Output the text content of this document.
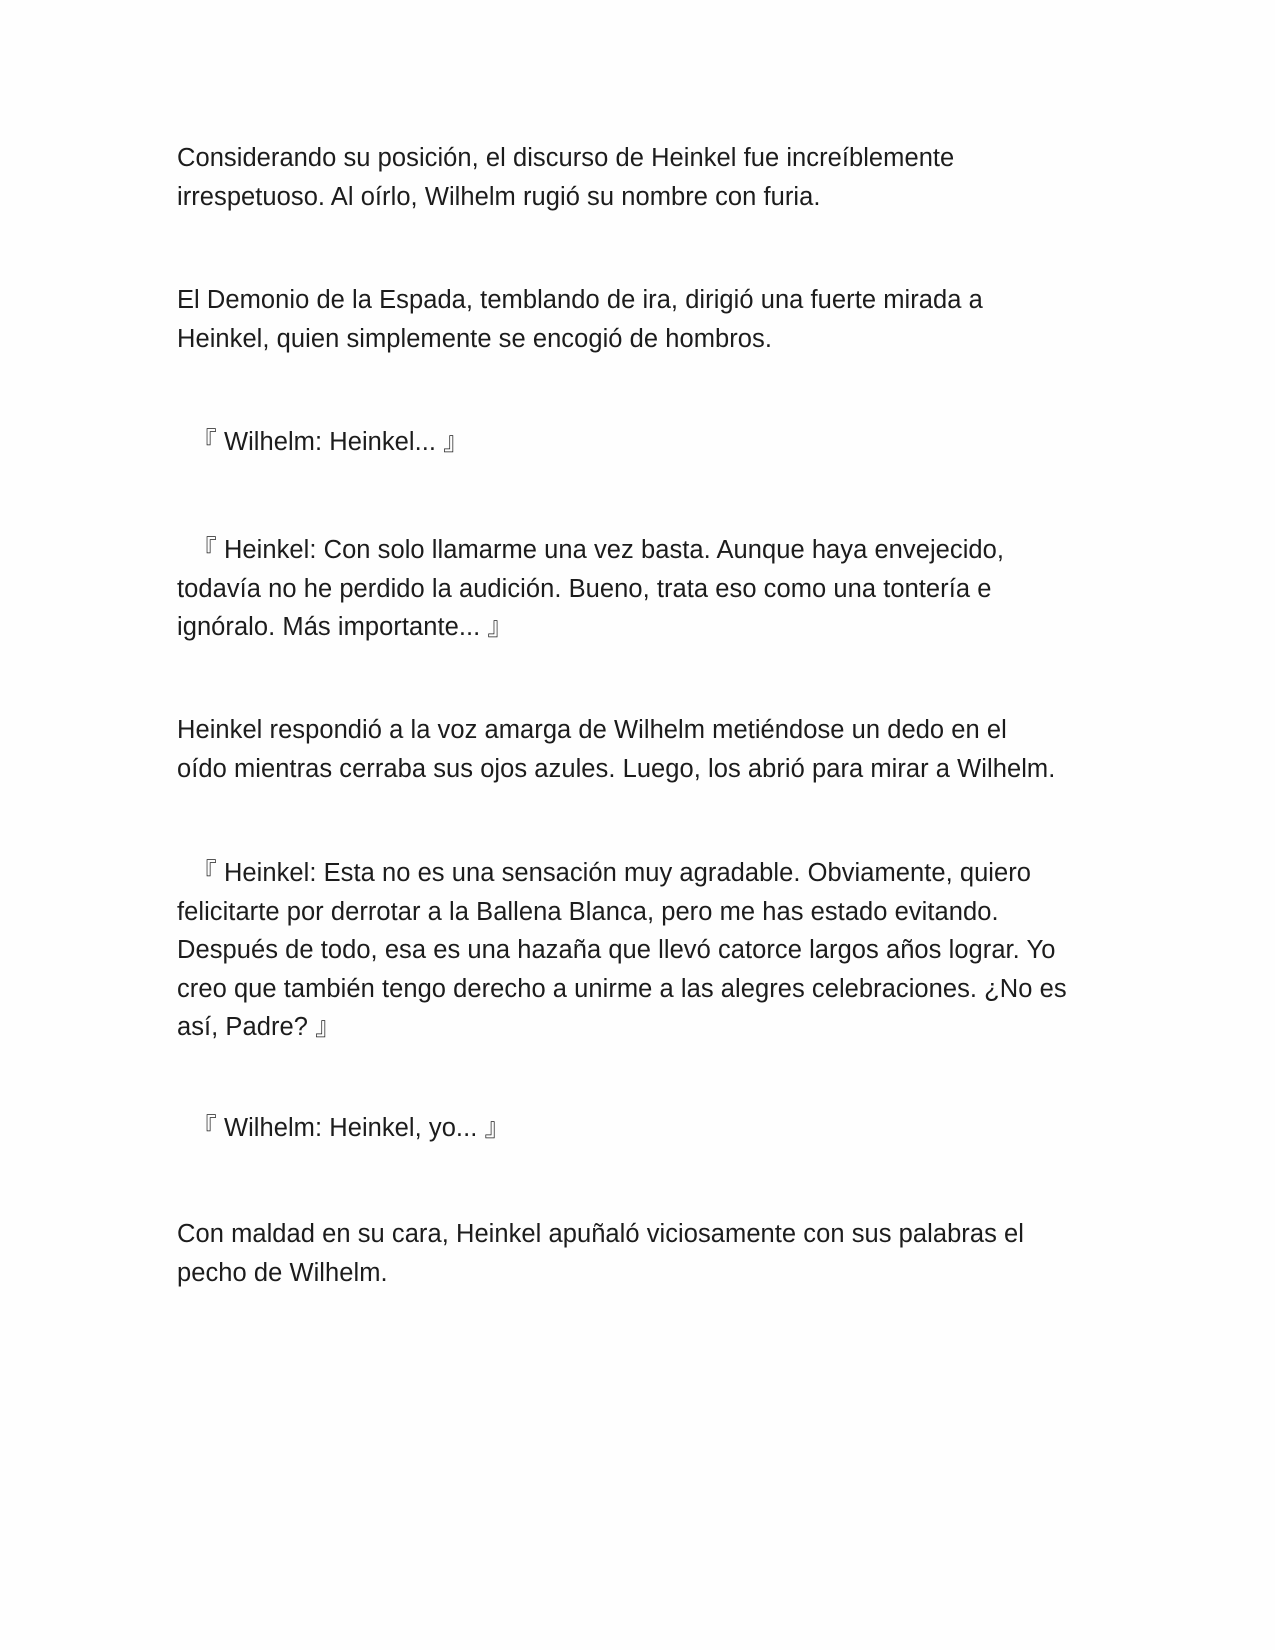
Considerando su posición, el discurso de Heinkel fue increíblemente
irrespetuoso. Al oírlo, Wilhelm rugió su nombre con furia.

El Demonio de la Espada, temblando de ira, dirigió una fuerte mirada a
Heinkel, quien simplemente se encogió de hombros.

『 Wilhelm: Heinkel... 』

『 Heinkel: Con solo llamarme una vez basta. Aunque haya envejecido,
todavía no he perdido la audición. Bueno, trata eso como una tontería e
ignóralo. Más importante... 』

Heinkel respondió a la voz amarga de Wilhelm metiéndose un dedo en el
oído mientras cerraba sus ojos azules. Luego, los abrió para mirar a Wilhelm.

『 Heinkel: Esta no es una sensación muy agradable. Obviamente, quiero
felicitarte por derrotar a la Ballena Blanca, pero me has estado evitando.
Después de todo, esa es una hazaña que llevó catorce largos años lograr. Yo
creo que también tengo derecho a unirme a las alegres celebraciones. ¿No es
así, Padre? 』

『 Wilhelm: Heinkel, yo... 』

Con maldad en su cara, Heinkel apuñaló viciosamente con sus palabras el
pecho de Wilhelm.
